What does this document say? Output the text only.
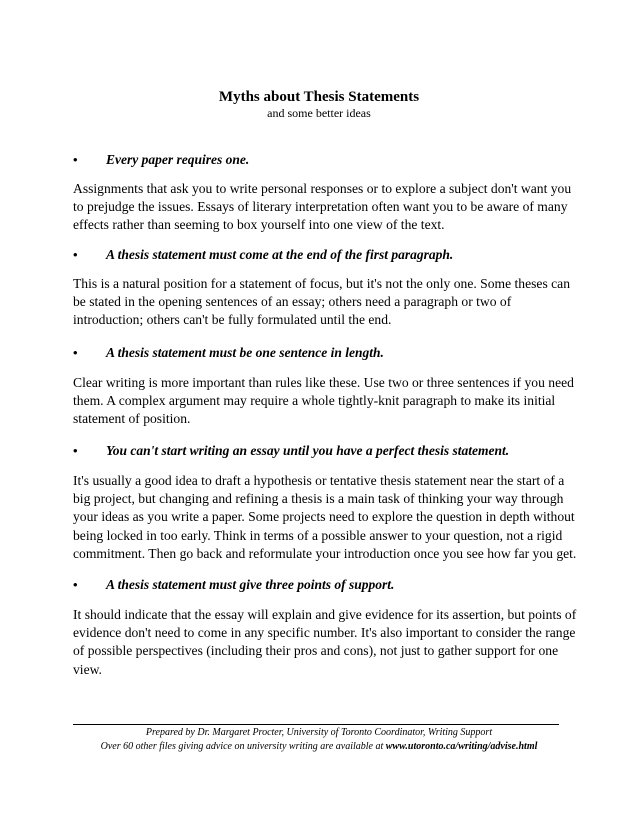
Myths about Thesis Statements
and some better ideas
• Every paper requires one.
Assignments that ask you to write personal responses or to explore a subject don't want you
to prejudge the issues. Essays of literary interpretation often want you to be aware of many
effects rather than seeming to box yourself into one view of the text.
• A thesis statement must come at the end of the first paragraph.
This is a natural position for a statement of focus, but it's not the only one. Some theses can
be stated in the opening sentences of an essay; others need a paragraph or two of
introduction; others can't be fully formulated until the end.
• A thesis statement must be one sentence in length.
Clear writing is more important than rules like these. Use two or three sentences if you need
them. A complex argument may require a whole tightly-knit paragraph to make its initial
statement of position.
• You can't start writing an essay until you have a perfect thesis statement.
It's usually a good idea to draft a hypothesis or tentative thesis statement near the start of a
big project, but changing and refining a thesis is a main task of thinking your way through
your ideas as you write a paper. Some projects need to explore the question in depth without
being locked in too early. Think in terms of a possible answer to your question, not a rigid
commitment. Then go back and reformulate your introduction once you see how far you get.
• A thesis statement must give three points of support.
It should indicate that the essay will explain and give evidence for its assertion, but points of
evidence don't need to come in any specific number. It's also important to consider the range
of possible perspectives (including their pros and cons), not just to gather support for one
view.
Prepared by Dr. Margaret Procter, University of Toronto Coordinator, Writing Support
Over 60 other files giving advice on university writing are available at www.utoronto.ca/writing/advise.html
